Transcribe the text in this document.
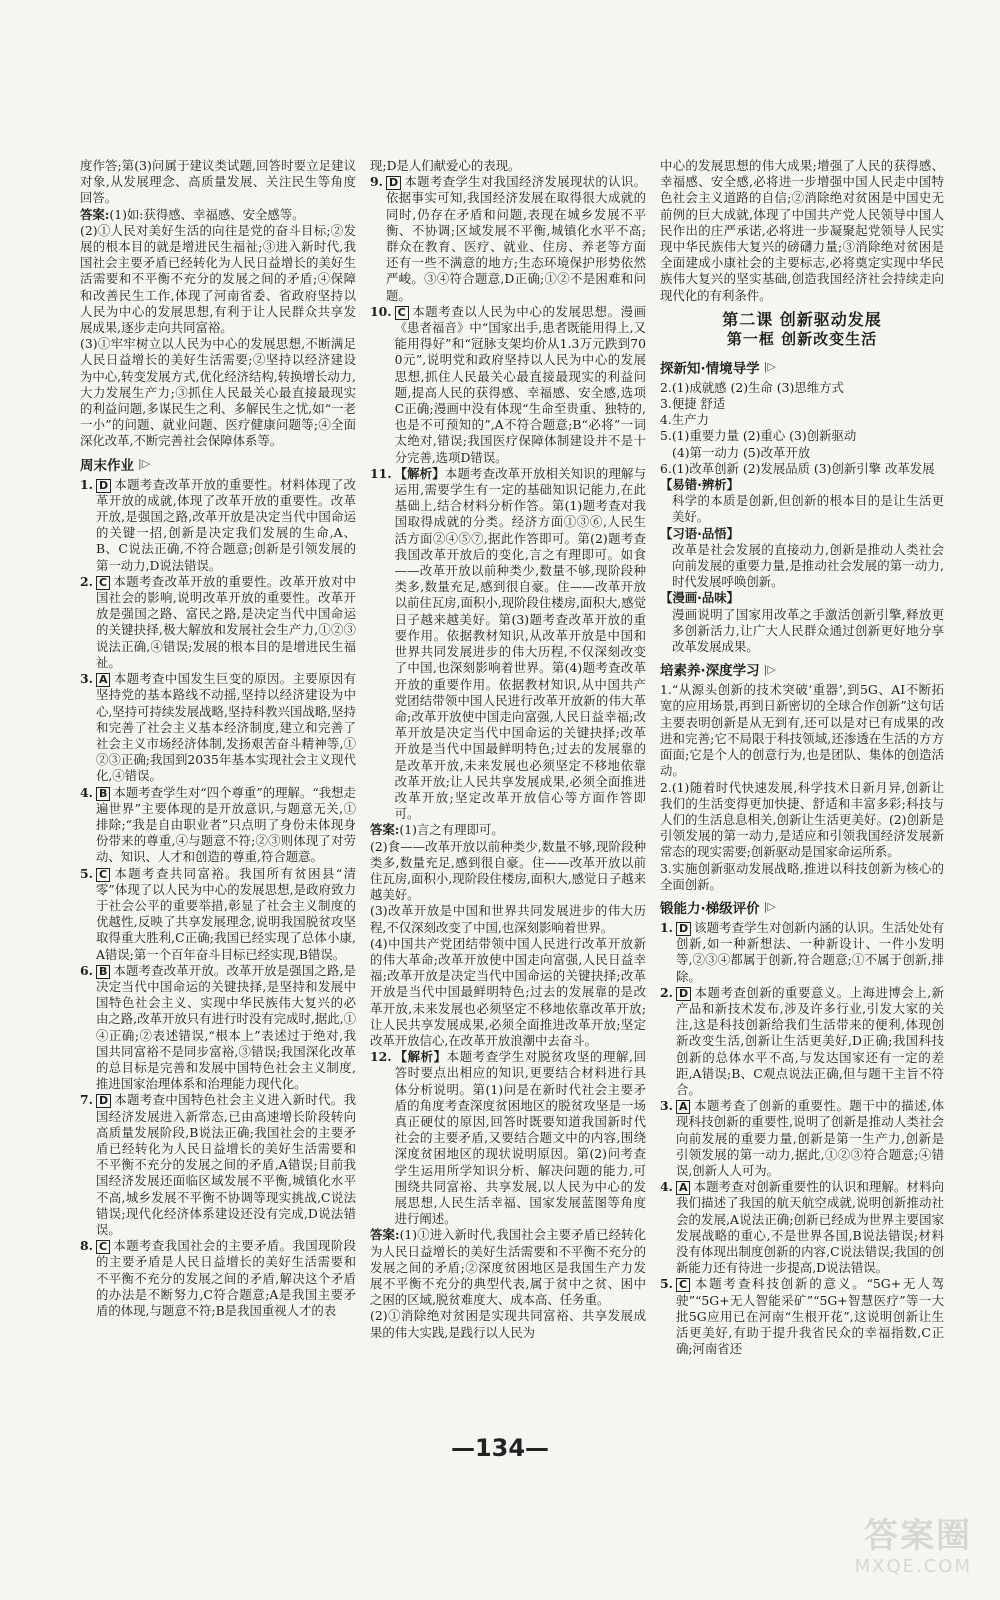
度作答;第(3)问属于建议类试题,回答时要立足建议对象,从发展理念、高质量发展、关注民生等角度回答。

答案:(1)如:获得感、幸福感、安全感等。

(2)①人民对美好生活的向往是党的奋斗目标;②发展的根本目的就是增进民生福祉;③进入新时代,我国社会主要矛盾已经转化为人民日益增长的美好生活需要和不平衡不充分的发展之间的矛盾;④保障和改善民生工作,体现了河南省委、省政府坚持以人民为中心的发展思想,有利于让人民群众共享发展成果,逐步走向共同富裕。

(3)①牢牢树立以人民为中心的发展思想,不断满足人民日益增长的美好生活需要;②坚持以经济建设为中心,转变发展方式,优化经济结构,转换增长动力,大力发展生产力;③抓住人民最关心最直接最现实的利益问题,多谋民生之利、多解民生之忧,如“一老一小”的问题、就业问题、医疗健康问题等;④全面深化改革,不断完善社会保障体系等。

周末作业 |▷
1. D 本题考查改革开放的重要性。材料体现了改革开放的成就,体现了改革开放的重要性。改革开放,是强国之路,改革开放是决定当代中国命运的关键一招,创新是决定我们发展的生命,A、B、C说法正确,不符合题意;创新是引领发展的第一动力,D说法错误。

2. C 本题考查改革开放的重要性。改革开放对中国社会的影响,说明改革开放的重要性。改革开放是强国之路、富民之路,是决定当代中国命运的关键抉择,极大解放和发展社会生产力,①②③说法正确,④错误;发展的根本目的是增进民生福祉。

3. A 本题考查中国发生巨变的原因。主要原因有坚持党的基本路线不动摇,坚持以经济建设为中心,坚持可持续发展战略,坚持科教兴国战略,坚持和完善了社会主义基本经济制度,建立和完善了社会主义市场经济体制,发扬艰苦奋斗精神等,①②③正确;我国到2035年基本实现社会主义现代化,④错误。

4. B 本题考查学生对“四个尊重”的理解。“我想走遍世界”主要体现的是开放意识,与题意无关,①排除;“我是自由职业者”只点明了身份未体现身份带来的尊重,④与题意不符;②③则体现了对劳动、知识、人才和创造的尊重,符合题意。

5. C 本题考查共同富裕。我国所有贫困县“清零”体现了以人民为中心的发展思想,是政府致力于社会公平的重要举措,彰显了社会主义制度的优越性,反映了共享发展理念,说明我国脱贫攻坚取得重大胜利,C正确;我国已经实现了总体小康,A错误;第一个百年奋斗目标已经实现,B错误。

6. B 本题考查改革开放。改革开放是强国之路,是决定当代中国命运的关键抉择,是坚持和发展中国特色社会主义、实现中华民族伟大复兴的必由之路,改革开放只有进行时没有完成时,据此,①④正确;②表述错误,“根本上”表述过于绝对,我国共同富裕不是同步富裕,③错误;我国深化改革的总目标是完善和发展中国特色社会主义制度,推进国家治理体系和治理能力现代化。

7. D 本题考查中国特色社会主义进入新时代。我国经济发展进入新常态,已由高速增长阶段转向高质量发展阶段,B说法正确;我国社会的主要矛盾已经转化为人民日益增长的美好生活需要和不平衡不充分的发展之间的矛盾,A错误;目前我国经济发展还面临区域发展不平衡,城镇化水平不高,城乡发展不平衡不协调等现实挑战,C说法错误;现代化经济体系建设还没有完成,D说法错误。

8. C 本题考查我国社会的主要矛盾。我国现阶段的主要矛盾是人民日益增长的美好生活需要和不平衡不充分的发展之间的矛盾,解决这个矛盾的办法是不断努力,C符合题意;A是我国主要矛盾的体现,与题意不符;B是我国重视人才的表

现;D是人们献爱心的表现。

9. D 本题考查学生对我国经济发展现状的认识。依据事实可知,我国经济发展在取得很大成就的同时,仍存在矛盾和问题,表现在城乡发展不平衡、不协调;区域发展不平衡,城镇化水平不高;群众在教育、医疗、就业、住房、养老等方面还有一些不满意的地方;生态环境保护形势依然严峻。③④符合题意,D正确;①②不是困难和问题。

10. C 本题考查以人民为中心的发展思想。漫画《患者福音》中“国家出手,患者既能用得上,又能用得好”和“冠脉支架均价从1.3万元跌到700元”,说明党和政府坚持以人民为中心的发展思想,抓住人民最关心最直接最现实的利益问题,提高人民的获得感、幸福感、安全感,选项C正确;漫画中没有体现“生命至贵重、独特的,也是不可预知的”,A不符合题意;B“必将”一词太绝对,错误;我国医疗保障体制建设并不是十分完善,选项D错误。

11. 【解析】本题考查改革开放相关知识的理解与运用,需要学生有一定的基础知识记能力,在此基础上,结合材料分析作答。第(1)题考查对我国取得成就的分类。经济方面①③⑥,人民生活方面②④⑤⑦,据此作答即可。第(2)题考查我国改革开放后的变化,言之有理即可。如食——改革开放以前种类少,数量不够,现阶段种类多,数量充足,感到很自豪。住——改革开放以前住瓦房,面积小,现阶段住楼房,面积大,感觉日子越来越美好。第(3)题考查改革开放的重要作用。依据教材知识,从改革开放是中国和世界共同发展进步的伟大历程,不仅深刻改变了中国,也深刻影响着世界。第(4)题考查改革开放的重要作用。依据教材知识,从中国共产党团结带领中国人民进行改革开放新的伟大革命;改革开放使中国走向富强,人民日益幸福;改革开放是决定当代中国命运的关键抉择;改革开放是当代中国最鲜明特色;过去的发展靠的是改革开放,未来发展也必须坚定不移地依靠改革开放;让人民共享发展成果,必须全面推进改革开放;坚定改革开放信心等方面作答即可。

答案:(1)言之有理即可。

(2)食——改革开放以前种类少,数量不够,现阶段种类多,数量充足,感到很自豪。住——改革开放以前住瓦房,面积小,现阶段住楼房,面积大,感觉日子越来越美好。

(3)改革开放是中国和世界共同发展进步的伟大历程,不仅深刻改变了中国,也深刻影响着世界。

(4)中国共产党团结带领中国人民进行改革开放新的伟大革命;改革开放使中国走向富强,人民日益幸福;改革开放是决定当代中国命运的关键抉择;改革开放是当代中国最鲜明特色;过去的发展靠的是改革开放,未来发展也必须坚定不移地依靠改革开放;让人民共享发展成果,必须全面推进改革开放;坚定改革开放信心,在改革开放浪潮中去奋斗。

12. 【解析】本题考查学生对脱贫攻坚的理解,回答时要点出相应的知识,更要结合材料进行具体分析说明。第(1)问是在新时代社会主要矛盾的角度考查深度贫困地区的脱贫攻坚是一场真正硬仗的原因,回答时既要知道我国新时代社会的主要矛盾,又要结合题文中的内容,围绕深度贫困地区的现状说明原因。第(2)问考查学生运用所学知识分析、解决问题的能力,可围绕共同富裕、共享发展,以人民为中心的发展思想,人民生活幸福、国家发展蓝图等角度进行阐述。

答案:(1)①进入新时代,我国社会主要矛盾已经转化为人民日益增长的美好生活需要和不平衡不充分的发展之间的矛盾;②深度贫困地区是我国生产力发展不平衡不充分的典型代表,属于贫中之贫、困中之困的区域,脱贫难度大、成本高、任务重。

(2)①消除绝对贫困是实现共同富裕、共享发展成果的伟大实践,是践行以人民为

中心的发展思想的伟大成果;增强了人民的获得感、幸福感、安全感,必将进一步增强中国人民走中国特色社会主义道路的自信;②消除绝对贫困是中国史无前例的巨大成就,体现了中国共产党人民领导中国人民作出的庄严承诺,必将进一步凝聚起党领导人民实现中华民族伟大复兴的磅礴力量;③消除绝对贫困是全面建成小康社会的主要标志,必将奠定实现中华民族伟大复兴的坚实基础,创造我国经济社会持续走向现代化的有利条件。

第二课 创新驱动发展
第一框 创新改变生活
探新知·情境导学 |▷

2.(1)成就感 (2)生命 (3)思维方式

3.便捷 舒适

4.生产力

5.(1)重要力量 (2)重心 (3)创新驱动

(4)第一动力 (5)改革开放

6.(1)改革创新 (2)发展品质 (3)创新引擎 改革发展

【易错·辨析】

科学的本质是创新,但创新的根本目的是让生活更美好。

【习语·品悟】

改革是社会发展的直接动力,创新是推动人类社会向前发展的重要力量,是推动社会发展的第一动力,时代发展呼唤创新。

【漫画·品味】

漫画说明了国家用改革之手激活创新引擎,释放更多创新活力,让广大人民群众通过创新更好地分享改革发展成果。

培素养·深度学习 |▷

1.“从源头创新的技术突破‘重器’,到5G、AI不断拓宽的应用场景,再到日新密切的全球合作创新”这句话主要表明创新是从无到有,还可以是对已有成果的改进和完善;它不局限于科技领域,还渗透在生活的方方面面;它是个人的创意行为,也是团队、集体的创造活动。

2.(1)随着时代快速发展,科学技术日新月异,创新让我们的生活变得更加快捷、舒适和丰富多彩;科技与人们的生活息息相关,创新让生活更美好。(2)创新是引领发展的第一动力,是适应和引领我国经济发展新常态的现实需要;创新驱动是国家命运所系。

3.实施创新驱动发展战略,推进以科技创新为核心的全面创新。

锻能力·梯级评价 |▷
1. D 该题考查学生对创新内涵的认识。生活处处有创新,如一种新想法、一种新设计、一件小发明等,②③④都属于创新,符合题意;①不属于创新,排除。

2. D 本题考查创新的重要意义。上海进博会上,新产品和新技术发布,涉及许多行业,引发大家的关注,这是科技创新给我们生活带来的便利,体现创新改变生活,创新让生活更美好,D正确;我国科技创新的总体水平不高,与发达国家还有一定的差距,A错误;B、C观点说法正确,但与题干主旨不符合。

3. A 本题考查了创新的重要性。题干中的描述,体现科技创新的重要性,说明了创新是推动人类社会向前发展的重要力量,创新是第一生产力,创新是引领发展的第一动力,据此,①②③符合题意;④错误,创新人人可为。

4. A 本题考查对创新重要性的认识和理解。材料向我们描述了我国的航天航空成就,说明创新推动社会的发展,A说法正确;创新已经成为世界主要国家发展战略的重心,不是世界各国,B说法错误;材料没有体现出制度创新的内容,C说法错误;我国的创新能力还有待进一步提高,D说法错误。

5. C 本题考查科技创新的意义。“5G+无人驾驶”“5G+无人智能采矿”“5G+智慧医疗”等一大批5G应用已在河南“生根开花”,这说明创新让生活更美好,有助于提升我省民众的幸福指数,C正确;河南省还

—134—
答案圈
MXQE.COM
